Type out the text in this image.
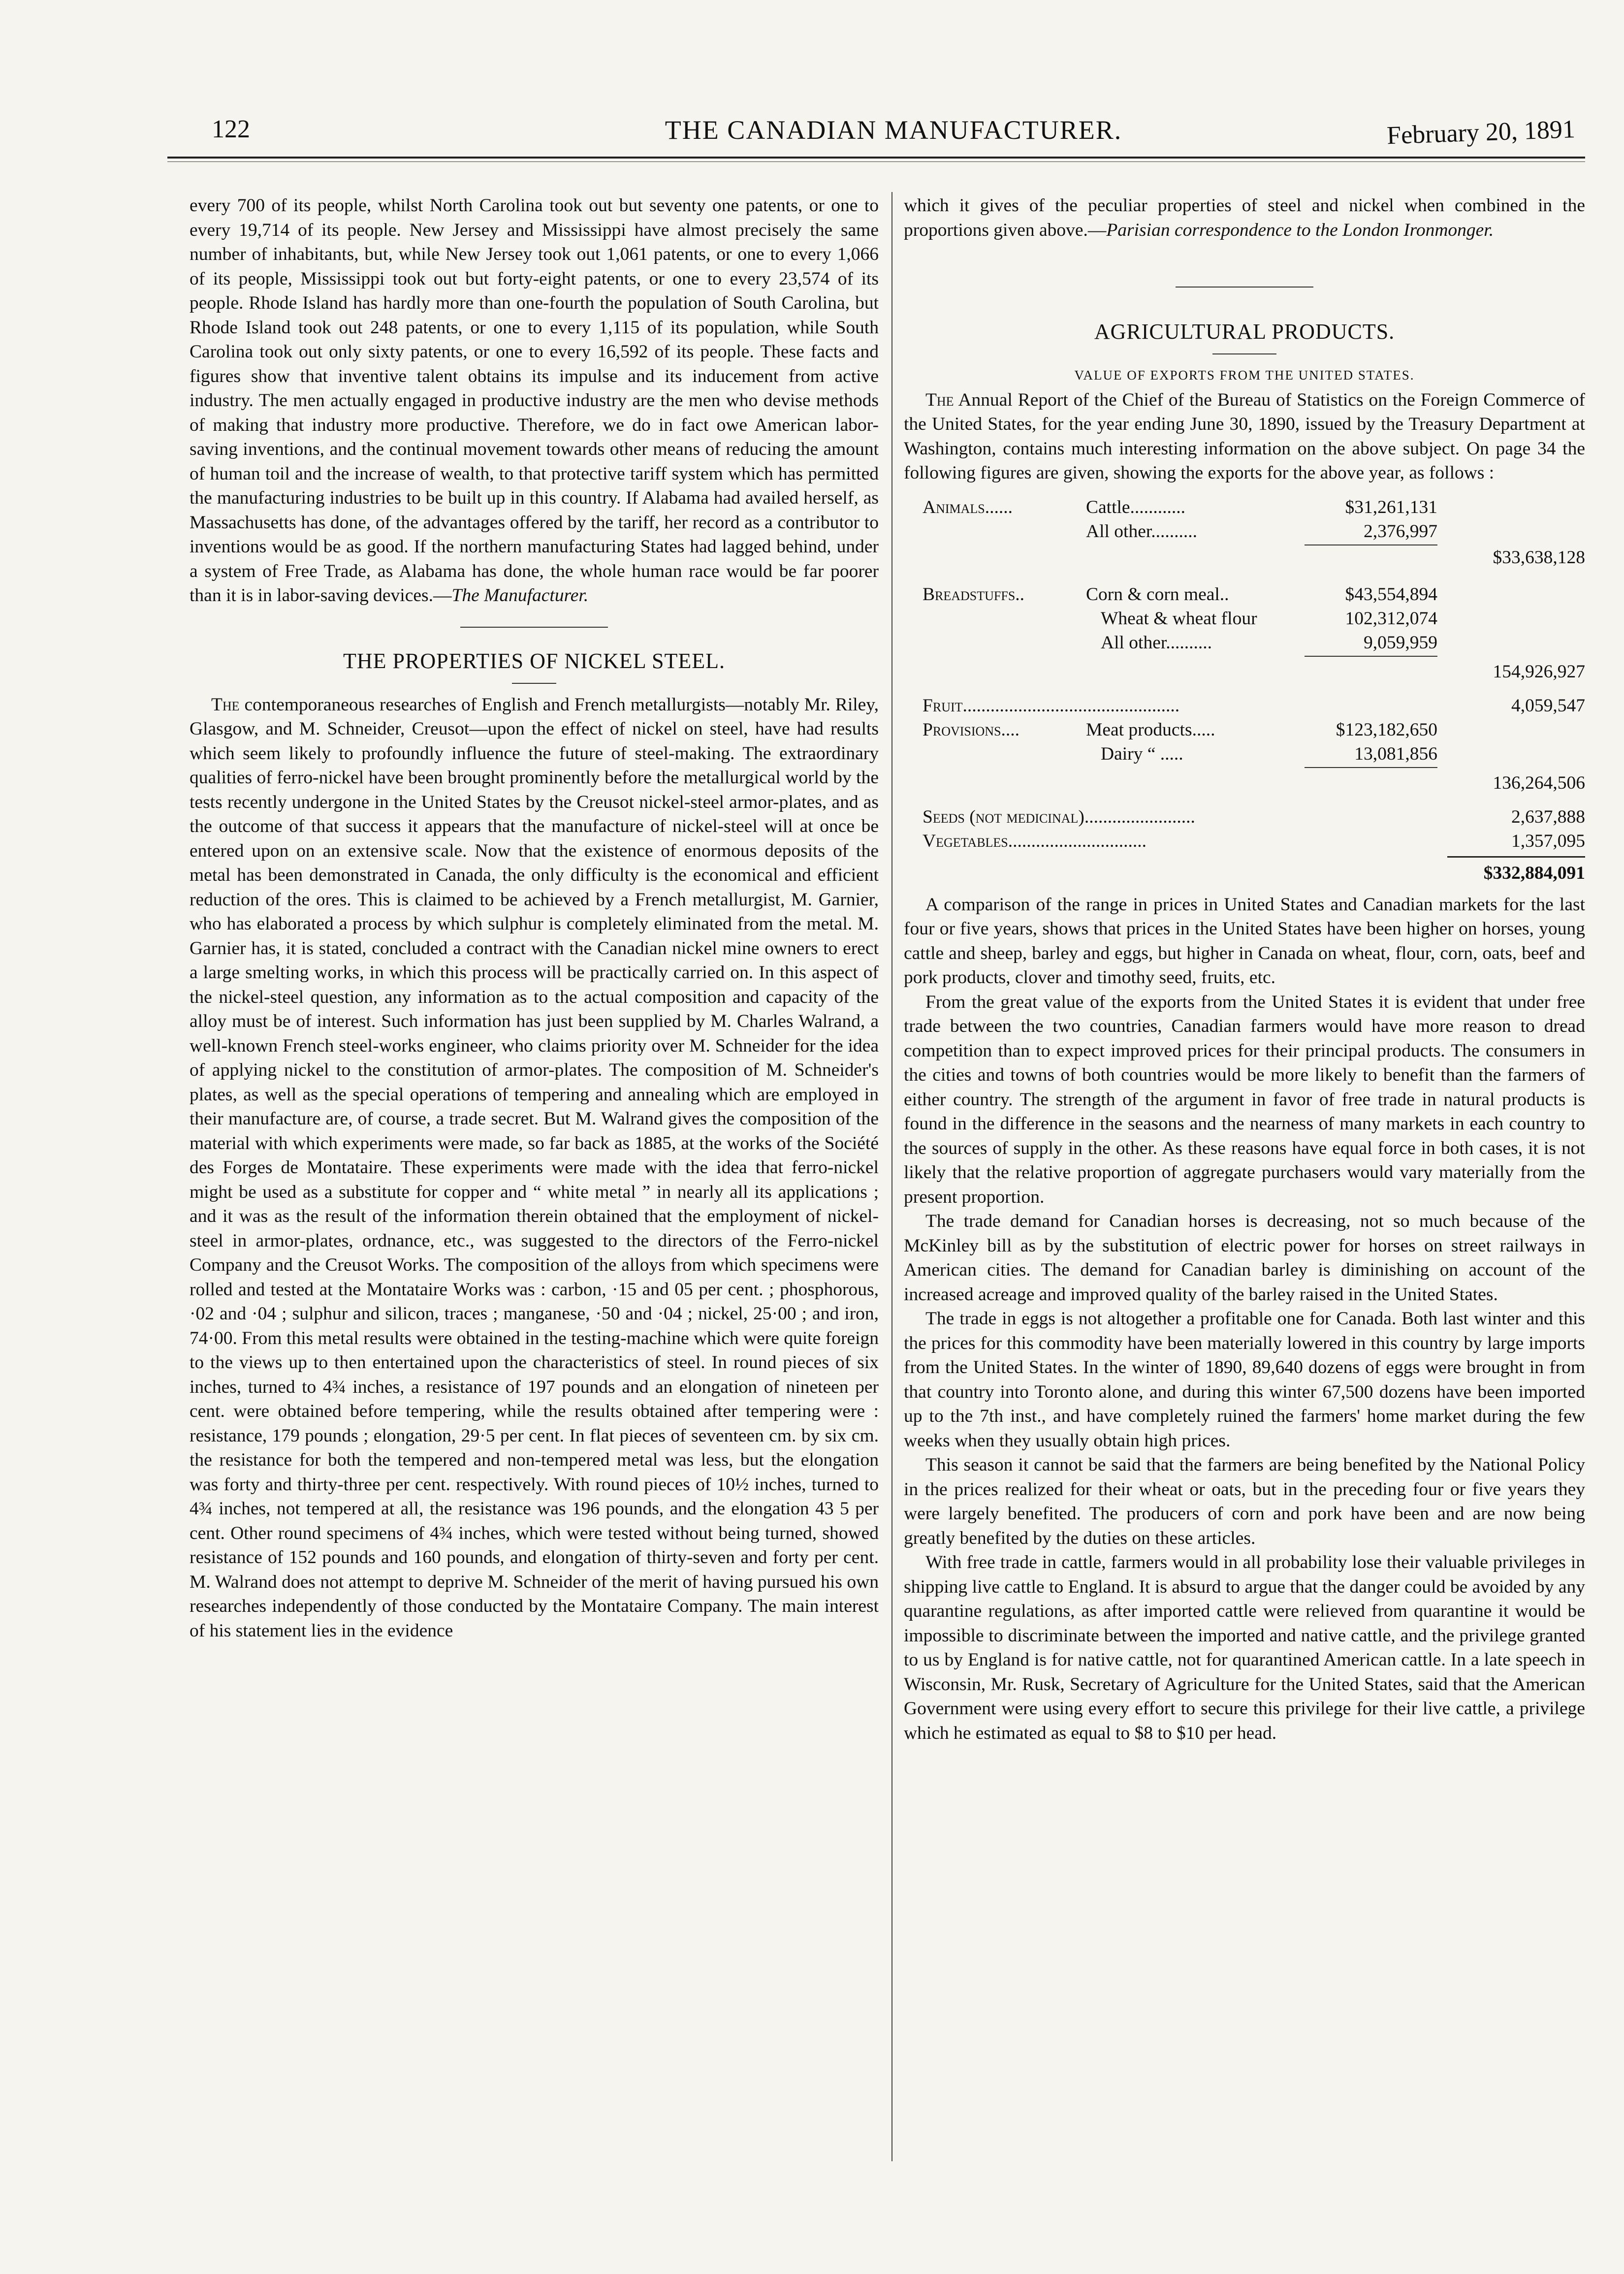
122	THE CANADIAN MANUFACTURER.	February 20, 1891

every 700 of its people, whilst North Carolina took out but seventy one patents, or one to every 19,714 of its people. New Jersey and Mississippi have almost precisely the same number of inhabitants, but, while New Jersey took out 1,061 patents, or one to every 1,066 of its people, Mississippi took out but forty-eight patents, or one to every 23,574 of its people. Rhode Island has hardly more than one-fourth the population of South Carolina, but Rhode Island took out 248 patents, or one to every 1,115 of its population, while South Carolina took out only sixty patents, or one to every 16,592 of its people. These facts and figures show that inventive talent obtains its impulse and its inducement from active industry. The men actually engaged in productive industry are the men who devise methods of making that industry more productive. Therefore, we do in fact owe American labor-saving inventions, and the continual movement towards other means of reducing the amount of human toil and the increase of wealth, to that protective tariff system which has permitted the manufacturing industries to be built up in this country. If Alabama had availed herself, as Massachusetts has done, of the advantages offered by the tariff, her record as a contributor to inventions would be as good. If the northern manufacturing States had lagged behind, under a system of Free Trade, as Alabama has done, the whole human race would be far poorer than it is in labor-saving devices.—The Manufacturer.

THE PROPERTIES OF NICKEL STEEL.

The contemporaneous researches of English and French metallurgists—notably Mr. Riley, Glasgow, and M. Schneider, Creusot—upon the effect of nickel on steel, have had results which seem likely to profoundly influence the future of steel-making. The extraordinary qualities of ferro-nickel have been brought prominently before the metallurgical world by the tests recently undergone in the United States by the Creusot nickel-steel armor-plates, and as the outcome of that success it appears that the manufacture of nickel-steel will at once be entered upon on an extensive scale. Now that the existence of enormous deposits of the metal has been demonstrated in Canada, the only difficulty is the economical and efficient reduction of the ores. This is claimed to be achieved by a French metallurgist, M. Garnier, who has elaborated a process by which sulphur is completely eliminated from the metal. M. Garnier has, it is stated, concluded a contract with the Canadian nickel mine owners to erect a large smelting works, in which this process will be practically carried on. In this aspect of the nickel-steel question, any information as to the actual composition and capacity of the alloy must be of interest. Such information has just been supplied by M. Charles Walrand, a well-known French steel-works engineer, who claims priority over M. Schneider for the idea of applying nickel to the constitution of armor-plates. The composition of M. Schneider's plates, as well as the special operations of tempering and annealing which are employed in their manufacture are, of course, a trade secret. But M. Walrand gives the composition of the material with which experiments were made, so far back as 1885, at the works of the Société des Forges de Montataire. These experiments were made with the idea that ferro-nickel might be used as a substitute for copper and “ white metal ” in nearly all its applications ; and it was as the result of the information therein obtained that the employment of nickel-steel in armor-plates, ordnance, etc., was suggested to the directors of the Ferro-nickel Company and the Creusot Works. The composition of the alloys from which specimens were rolled and tested at the Montataire Works was : carbon, ·15 and 05 per cent. ; phosphorous, ·02 and ·04 ; sulphur and silicon, traces ; manganese, ·50 and ·04 ; nickel, 25·00 ; and iron, 74·00. From this metal results were obtained in the testing-machine which were quite foreign to the views up to then entertained upon the characteristics of steel. In round pieces of six inches, turned to 4¾ inches, a resistance of 197 pounds and an elongation of nineteen per cent. were obtained before tempering, while the results obtained after tempering were : resistance, 179 pounds ; elongation, 29·5 per cent. In flat pieces of seventeen cm. by six cm. the resistance for both the tempered and non-tempered metal was less, but the elongation was forty and thirty-three per cent. respectively. With round pieces of 10½ inches, turned to 4¾ inches, not tempered at all, the resistance was 196 pounds, and the elongation 43 5 per cent. Other round specimens of 4¾ inches, which were tested without being turned, showed resistance of 152 pounds and 160 pounds, and elongation of thirty-seven and forty per cent. M. Walrand does not attempt to deprive M. Schneider of the merit of having pursued his own researches independently of those conducted by the Montataire Company. The main interest of his statement lies in the evidence

which it gives of the peculiar properties of steel and nickel when combined in the proportions given above.—Parisian correspondence to the London Ironmonger.

AGRICULTURAL PRODUCTS.

VALUE OF EXPORTS FROM THE UNITED STATES.

The Annual Report of the Chief of the Bureau of Statistics on the Foreign Commerce of the United States, for the year ending June 30, 1890, issued by the Treasury Department at Washington, contains much interesting information on the above subject. On page 34 the following figures are given, showing the exports for the above year, as follows :

Animals......	Cattle............	$31,261,131
All other..........	2,376,997
$33,638,128
Breadstuffs..	Corn & corn meal..	$43,554,894
Wheat & wheat flour	102,312,074
All other..........	9,059,959
154,926,927
Fruit...............................................	4,059,547
Provisions....	Meat products.....	$123,182,650
Dairy “ .....	13,081,856
136,264,506
Seeds (not medicinal)........................	2,637,888
Vegetables..............................	1,357,095
$332,884,091

A comparison of the range in prices in United States and Canadian markets for the last four or five years, shows that prices in the United States have been higher on horses, young cattle and sheep, barley and eggs, but higher in Canada on wheat, flour, corn, oats, beef and pork products, clover and timothy seed, fruits, etc.

From the great value of the exports from the United States it is evident that under free trade between the two countries, Canadian farmers would have more reason to dread competition than to expect improved prices for their principal products. The consumers in the cities and towns of both countries would be more likely to benefit than the farmers of either country. The strength of the argument in favor of free trade in natural products is found in the difference in the seasons and the nearness of many markets in each country to the sources of supply in the other. As these reasons have equal force in both cases, it is not likely that the relative proportion of aggregate purchasers would vary materially from the present proportion.

The trade demand for Canadian horses is decreasing, not so much because of the McKinley bill as by the substitution of electric power for horses on street railways in American cities. The demand for Canadian barley is diminishing on account of the increased acreage and improved quality of the barley raised in the United States.

The trade in eggs is not altogether a profitable one for Canada. Both last winter and this the prices for this commodity have been materially lowered in this country by large imports from the United States. In the winter of 1890, 89,640 dozens of eggs were brought in from that country into Toronto alone, and during this winter 67,500 dozens have been imported up to the 7th inst., and have completely ruined the farmers' home market during the few weeks when they usually obtain high prices.

This season it cannot be said that the farmers are being benefited by the National Policy in the prices realized for their wheat or oats, but in the preceding four or five years they were largely benefited. The producers of corn and pork have been and are now being greatly benefited by the duties on these articles.

With free trade in cattle, farmers would in all probability lose their valuable privileges in shipping live cattle to England. It is absurd to argue that the danger could be avoided by any quarantine regulations, as after imported cattle were relieved from quarantine it would be impossible to discriminate between the imported and native cattle, and the privilege granted to us by England is for native cattle, not for quarantined American cattle. In a late speech in Wisconsin, Mr. Rusk, Secretary of Agriculture for the United States, said that the American Government were using every effort to secure this privilege for their live cattle, a privilege which he estimated as equal to $8 to $10 per head.
